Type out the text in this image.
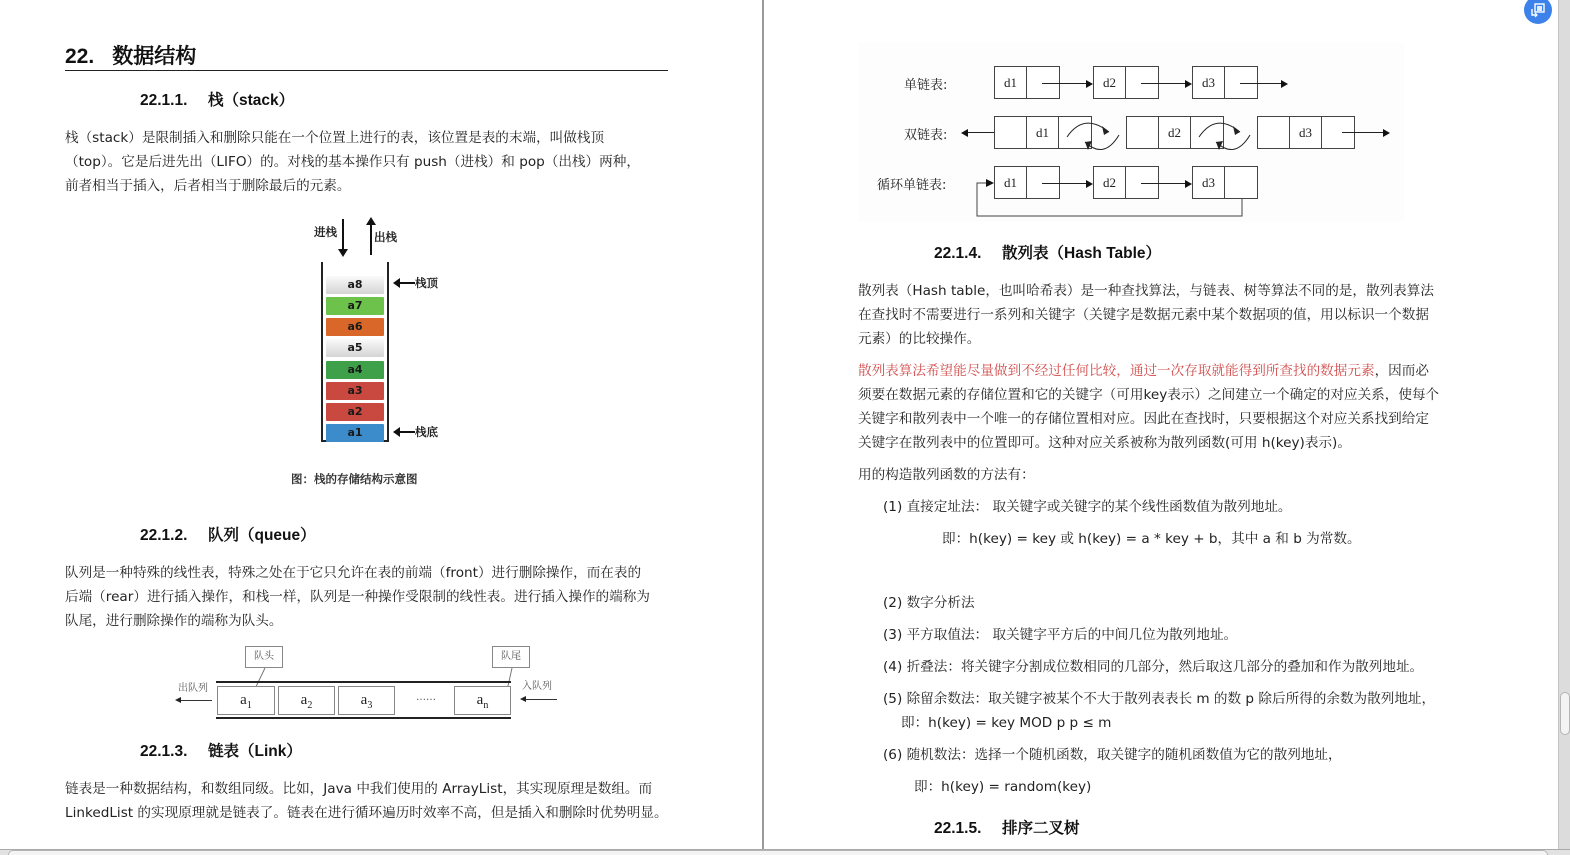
22. 数据结构
22.1.1. 栈（stack）
栈（stack）是限制插入和删除只能在一个位置上进行的表，该位置是表的末端，叫做栈顶
（top）。它是后进先出（LIFO）的。对栈的基本操作只有 push（进栈）和 pop（出栈）两种，
前者相当于插入，后者相当于删除最后的元素。
进栈	出栈
a8
a7
a6
a5
a4
a3
a2
a1
栈顶
栈底
图：栈的存储结构示意图
22.1.2. 队列（queue）
队列是一种特殊的线性表，特殊之处在于它只允许在表的前端（front）进行删除操作，而在表的
后端（rear）进行插入操作，和栈一样，队列是一种操作受限制的线性表。进行插入操作的端称为
队尾，进行删除操作的端称为队头。
队头	队尾
$a_1$	$a_2$	$a_3$
……	$a_n$
出队列	入队列
22.1.3. 链表（Link）
链表是一种数据结构，和数组同级。比如，Java 中我们使用的 ArrayList，其实现原理是数组。而
LinkedList 的实现原理就是链表了。链表在进行循环遍历时效率不高，但是插入和删除时优势明显。
单链表:
双链表:
循环单链表:
d1	d2	d3
d1	d2	d3
d1	d2	d3
22.1.4. 散列表（Hash Table）
散列表（Hash table，也叫哈希表）是一种查找算法，与链表、树等算法不同的是，散列表算法
在查找时不需要进行一系列和关键字（关键字是数据元素中某个数据项的值，用以标识一个数据
元素）的比较操作。
散列表算法希望能尽量做到不经过任何比较，通过一次存取就能得到所查找的数据元素，因而必
须要在数据元素的存储位置和它的关键字（可用key表示）之间建立一个确定的对应关系，使每个
关键字和散列表中一个唯一的存储位置相对应。因此在查找时，只要根据这个对应关系找到给定
关键字在散列表中的位置即可。这种对应关系被称为散列函数(可用 h(key)表示)。
用的构造散列函数的方法有：
(1) 直接定址法： 取关键字或关键字的某个线性函数值为散列地址。
即：h(key) = key 或 h(key) = a * key + b，其中 a 和 b 为常数。
(2) 数字分析法
(3) 平方取值法： 取关键字平方后的中间几位为散列地址。
(4) 折叠法：将关键字分割成位数相同的几部分，然后取这几部分的叠加和作为散列地址。
(5) 除留余数法：取关键字被某个不大于散列表表长 m 的数 p 除后所得的余数为散列地址，
即：h(key) = key MOD p p ≤ m
(6) 随机数法：选择一个随机函数，取关键字的随机函数值为它的散列地址，
即：h(key) = random(key)
22.1.5. 排序二叉树
